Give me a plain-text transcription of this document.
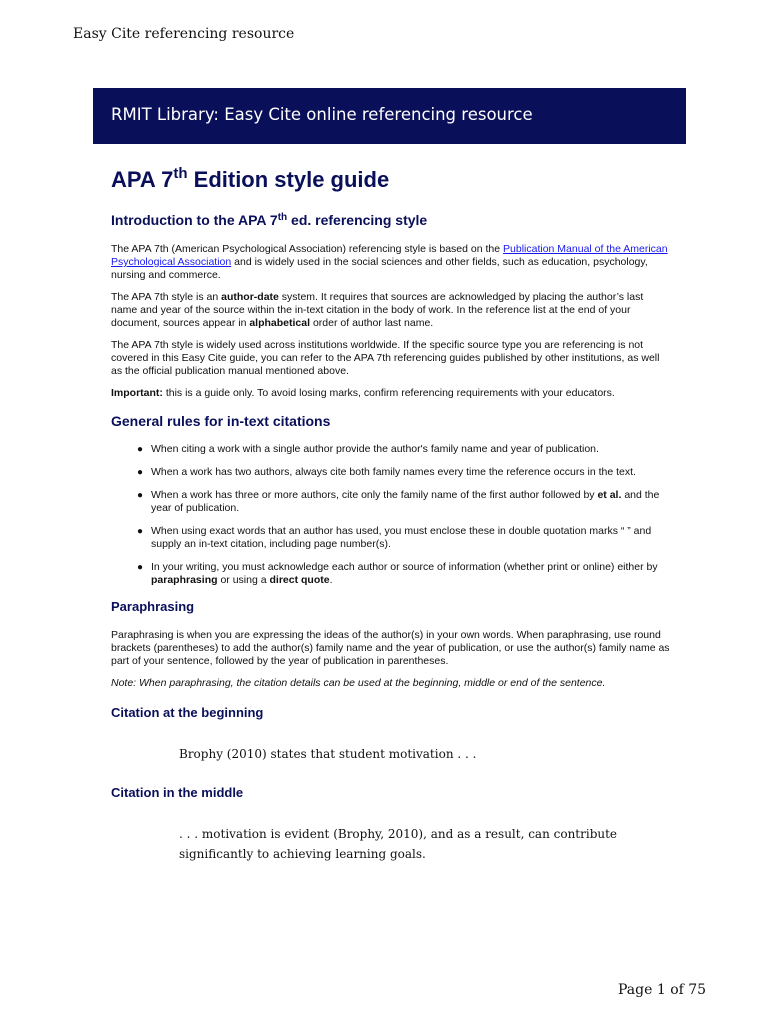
Easy Cite referencing resource
RMIT Library: Easy Cite online referencing resource
APA 7th Edition style guide
Introduction to the APA 7th ed. referencing style

The APA 7th (American Psychological Association) referencing style is based on the Publication Manual of the American Psychological Association and is widely used in the social sciences and other fields, such as education, psychology, nursing and commerce.

The APA 7th style is an author-date system. It requires that sources are acknowledged by placing the author’s last name and year of the source within the in-text citation in the body of work. In the reference list at the end of your document, sources appear in alphabetical order of author last name.

The APA 7th style is widely used across institutions worldwide. If the specific source type you are referencing is not covered in this Easy Cite guide, you can refer to the APA 7th referencing guides published by other institutions, as well as the official publication manual mentioned above.

Important: this is a guide only. To avoid losing marks, confirm referencing requirements with your educators.

General rules for in-text citations
● When citing a work with a single author provide the author's family name and year of publication.
● When a work has two authors, always cite both family names every time the reference occurs in the text.
● When a work has three or more authors, cite only the family name of the first author followed by et al. and the year of publication.
● When using exact words that an author has used, you must enclose these in double quotation marks “ ” and supply an in-text citation, including page number(s).
● In your writing, you must acknowledge each author or source of information (whether print or online) either by paraphrasing or using a direct quote.
Paraphrasing

Paraphrasing is when you are expressing the ideas of the author(s) in your own words. When paraphrasing, use round brackets (parentheses) to add the author(s) family name and the year of publication, or use the author(s) family name as part of your sentence, followed by the year of publication in parentheses.

Note: When paraphrasing, the citation details can be used at the beginning, middle or end of the sentence.

Citation at the beginning

Brophy (2010) states that student motivation . . .

Citation in the middle

. . . motivation is evident (Brophy, 2010), and as a result, can contribute significantly to achieving learning goals.

Page 1 of 75
